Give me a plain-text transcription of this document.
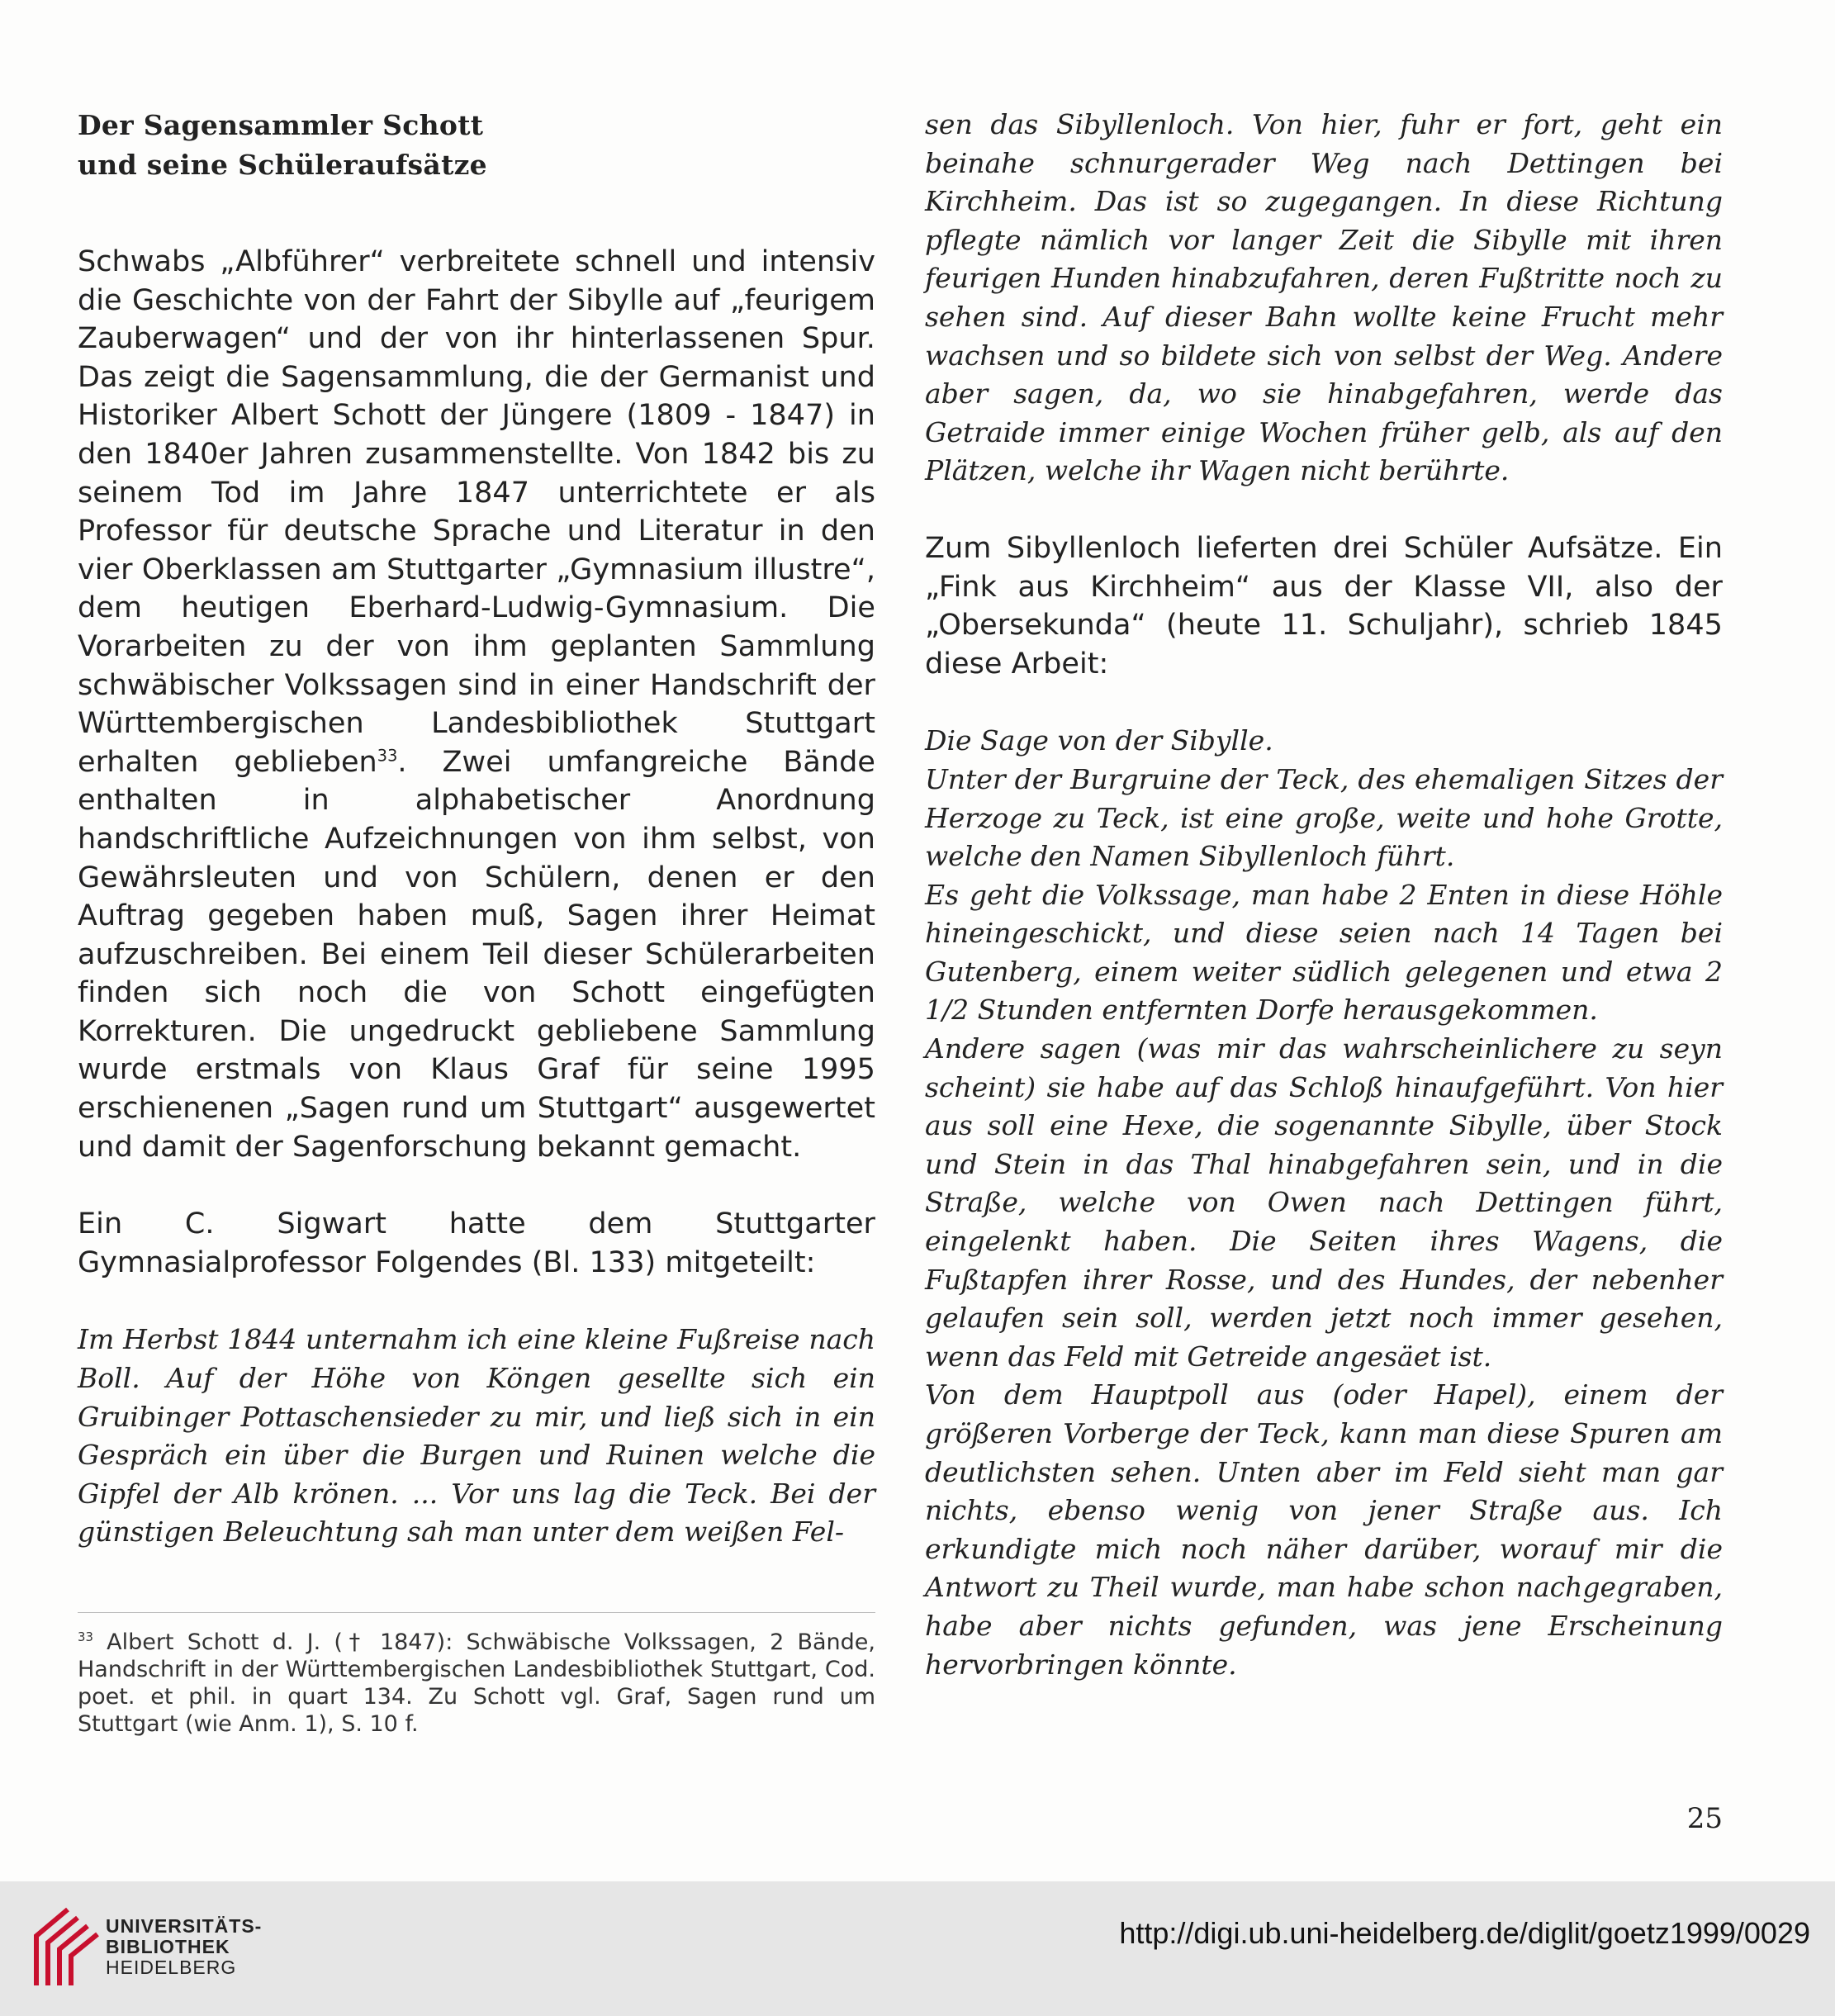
Der Sagensammler Schott
und seine Schüleraufsätze

Schwabs „Albführer“ verbreitete schnell und intensiv die Geschichte von der Fahrt der Sibylle auf „feurigem Zauberwagen“ und der von ihr hinterlassenen Spur. Das zeigt die Sagensammlung, die der Germanist und Historiker Albert Schott der Jüngere (1809 - 1847) in den 1840er Jahren zusammenstellte. Von 1842 bis zu seinem Tod im Jahre 1847 unterrichtete er als Professor für deutsche Sprache und Literatur in den vier Oberklassen am Stuttgarter „Gymnasium illustre“, dem heutigen Eberhard-Ludwig-Gymnasium. Die Vorarbeiten zu der von ihm geplanten Sammlung schwäbischer Volkssagen sind in einer Handschrift der Württembergischen Landesbibliothek Stuttgart erhalten geblieben$^{33}$. Zwei umfangreiche Bände enthalten in alphabetischer Anordnung handschriftliche Aufzeichnungen von ihm selbst, von Gewährsleuten und von Schülern, denen er den Auftrag gegeben haben muß, Sagen ihrer Heimat aufzuschreiben. Bei einem Teil dieser Schülerarbeiten finden sich noch die von Schott eingefügten Korrekturen. Die ungedruckt gebliebene Sammlung wurde erstmals von Klaus Graf für seine 1995 erschienenen „Sagen rund um Stuttgart“ ausgewertet und damit der Sagenforschung bekannt gemacht.

Ein C. Sigwart hatte dem Stuttgarter Gymnasialprofessor Folgendes (Bl. 133) mitgeteilt:

Im Herbst 1844 unternahm ich eine kleine Fußreise nach Boll. Auf der Höhe von Köngen gesellte sich ein Gruibinger Pottaschensieder zu mir, und ließ sich in ein Gespräch ein über die Burgen und Ruinen welche die Gipfel der Alb krönen. ... Vor uns lag die Teck. Bei der günstigen Beleuchtung sah man unter dem weißen Fel-

$^{33}$ Albert Schott d. J. († 1847): Schwäbische Volkssagen, 2 Bände, Handschrift in der Württembergischen Landesbibliothek Stuttgart, Cod. poet. et phil. in quart 134. Zu Schott vgl. Graf, Sagen rund um Stuttgart (wie Anm. 1), S. 10 f.

sen das Sibyllenloch. Von hier, fuhr er fort, geht ein beinahe schnurgerader Weg nach Dettingen bei Kirchheim. Das ist so zugegangen. In diese Richtung pflegte nämlich vor langer Zeit die Sibylle mit ihren feurigen Hunden hinabzufahren, deren Fußtritte noch zu sehen sind. Auf dieser Bahn wollte keine Frucht mehr wachsen und so bildete sich von selbst der Weg. Andere aber sagen, da, wo sie hinabgefahren, werde das Getraide immer einige Wochen früher gelb, als auf den Plätzen, welche ihr Wagen nicht berührte.

Zum Sibyllenloch lieferten drei Schüler Aufsätze. Ein „Fink aus Kirchheim“ aus der Klasse VII, also der „Obersekunda“ (heute 11. Schuljahr), schrieb 1845 diese Arbeit:

Die Sage von der Sibylle.

Unter der Burgruine der Teck, des ehemaligen Sitzes der Herzoge zu Teck, ist eine große, weite und hohe Grotte, welche den Namen Sibyllenloch führt.

Es geht die Volkssage, man habe 2 Enten in diese Höhle hineingeschickt, und diese seien nach 14 Tagen bei Gutenberg, einem weiter südlich gelegenen und etwa 2 1/2 Stunden entfernten Dorfe herausgekommen.

Andere sagen (was mir das wahrscheinlichere zu seyn scheint) sie habe auf das Schloß hinaufgeführt. Von hier aus soll eine Hexe, die sogenannte Sibylle, über Stock und Stein in das Thal hinabgefahren sein, und in die Straße, welche von Owen nach Dettingen führt, eingelenkt haben. Die Seiten ihres Wagens, die Fußtapfen ihrer Rosse, und des Hundes, der nebenher gelaufen sein soll, werden jetzt noch immer gesehen, wenn das Feld mit Getreide angesäet ist.

Von dem Hauptpoll aus (oder Hapel), einem der größeren Vorberge der Teck, kann man diese Spuren am deutlichsten sehen. Unten aber im Feld sieht man gar nichts, ebenso wenig von jener Straße aus. Ich erkundigte mich noch näher darüber, worauf mir die Antwort zu Theil wurde, man habe schon nachgegraben, habe aber nichts gefunden, was jene Erscheinung hervorbringen könnte.

25
UNIVERSITÄTS-
BIBLIOTHEK
HEIDELBERG
http://digi.ub.uni-heidelberg.de/diglit/goetz1999/0029
